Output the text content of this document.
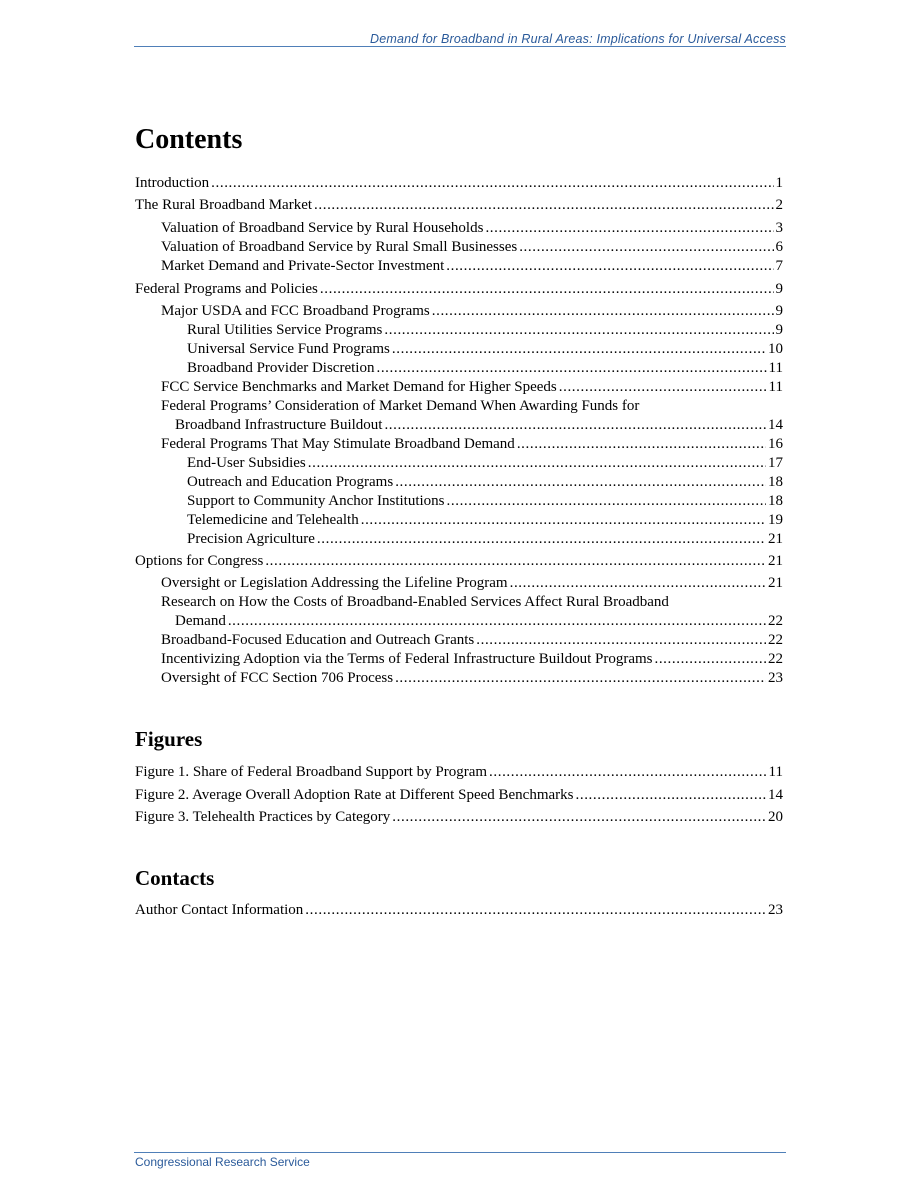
Demand for Broadband in Rural Areas: Implications for Universal Access
Contents
Figures
Contacts
Introduction .....	1
The Rural Broadband Market .....	2
Valuation of Broadband Service by Rural Households .....	3
Valuation of Broadband Service by Rural Small Businesses .....	6
Market Demand and Private-Sector Investment .....	7
Federal Programs and Policies .....	9
Major USDA and FCC Broadband Programs .....	9
Rural Utilities Service Programs .....	9
Universal Service Fund Programs .....	10
Broadband Provider Discretion .....	11
FCC Service Benchmarks and Market Demand for Higher Speeds .....	11
Federal Programs’ Consideration of Market Demand When Awarding Funds for
Broadband Infrastructure Buildout .....	14
Federal Programs That May Stimulate Broadband Demand .....	16
End-User Subsidies .....	17
Outreach and Education Programs .....	18
Support to Community Anchor Institutions .....	18
Telemedicine and Telehealth .....	19
Precision Agriculture .....	21
Options for Congress .....	21
Oversight or Legislation Addressing the Lifeline Program .....	21
Research on How the Costs of Broadband-Enabled Services Affect Rural Broadband
Demand .....	22
Broadband-Focused Education and Outreach Grants .....	22
Incentivizing Adoption via the Terms of Federal Infrastructure Buildout Programs .....	22
Oversight of FCC Section 706 Process .....	23
Figure 1. Share of Federal Broadband Support by Program .....	11
Figure 2. Average Overall Adoption Rate at Different Speed Benchmarks .....	14
Figure 3. Telehealth Practices by Category .....	20
Author Contact Information .....	23
Congressional Research Service
